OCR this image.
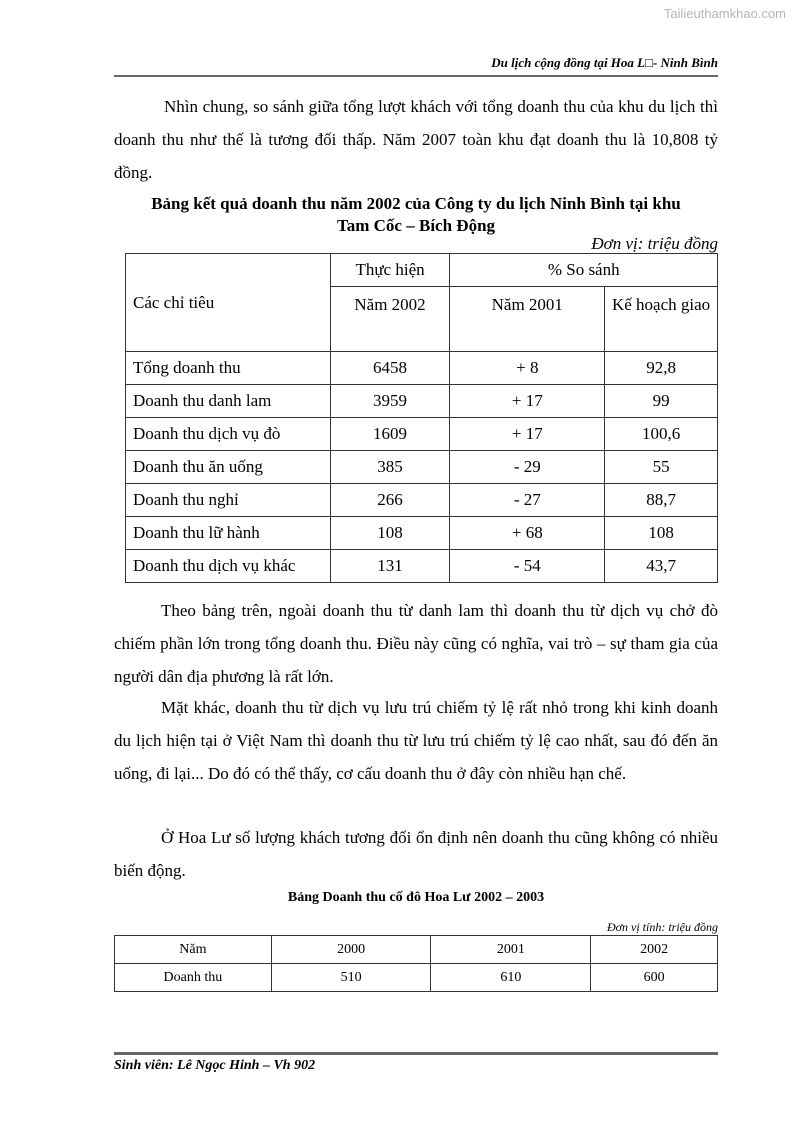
Tailieuthamkhao.com
Du lịch cộng đồng tại Hoa L□- Ninh Bình

Nhìn chung, so sánh giữa tổng lượt khách với tổng doanh thu của khu du lịch thì doanh thu như thế là tương đối thấp. Năm 2007 toàn khu đạt doanh thu là 10,808 tỷ đồng.

Bảng kết quả doanh thu năm 2002 của Công ty du lịch Ninh Bình tại khu
Tam Cốc – Bích Động

Đơn vị: triệu đồng

Các chỉ tiêu	Thực hiện	% So sánh	
	Năm 2002	Năm 2001	Kế hoạch giao
Tổng doanh thu	6458	+ 8	92,8
Doanh thu danh lam	3959	+ 17	99
Doanh thu dịch vụ đò	1609	+ 17	100,6
Doanh thu ăn uống	385	- 29	55
Doanh thu nghỉ	266	- 27	88,7
Doanh thu lữ hành	108	+ 68	108
Doanh thu dịch vụ khác	131	- 54	43,7

Theo bảng trên, ngoài doanh thu từ danh lam thì doanh thu từ dịch vụ chở đò chiếm phần lớn trong tổng doanh thu. Điều này cũng có nghĩa, vai trò – sự tham gia của người dân địa phương là rất lớn.

Mặt khác, doanh thu từ dịch vụ lưu trú chiếm tỷ lệ rất nhỏ trong khi kinh doanh du lịch hiện tại ở Việt Nam thì doanh thu từ lưu trú chiếm tỷ lệ cao nhất, sau đó đến ăn uống, đi lại... Do đó có thể thấy, cơ cấu doanh thu ở đây còn nhiều hạn chế.

Ở Hoa Lư số lượng khách tương đối ổn định nên doanh thu cũng không có nhiều biến động.

Bảng Doanh thu cố đô Hoa Lư 2002 – 2003

Đơn vị tính: triệu đồng

Năm	2000	2001	2002
Doanh thu	510	610	600
Sinh viên: Lê Ngọc Hinh – Vh 902
